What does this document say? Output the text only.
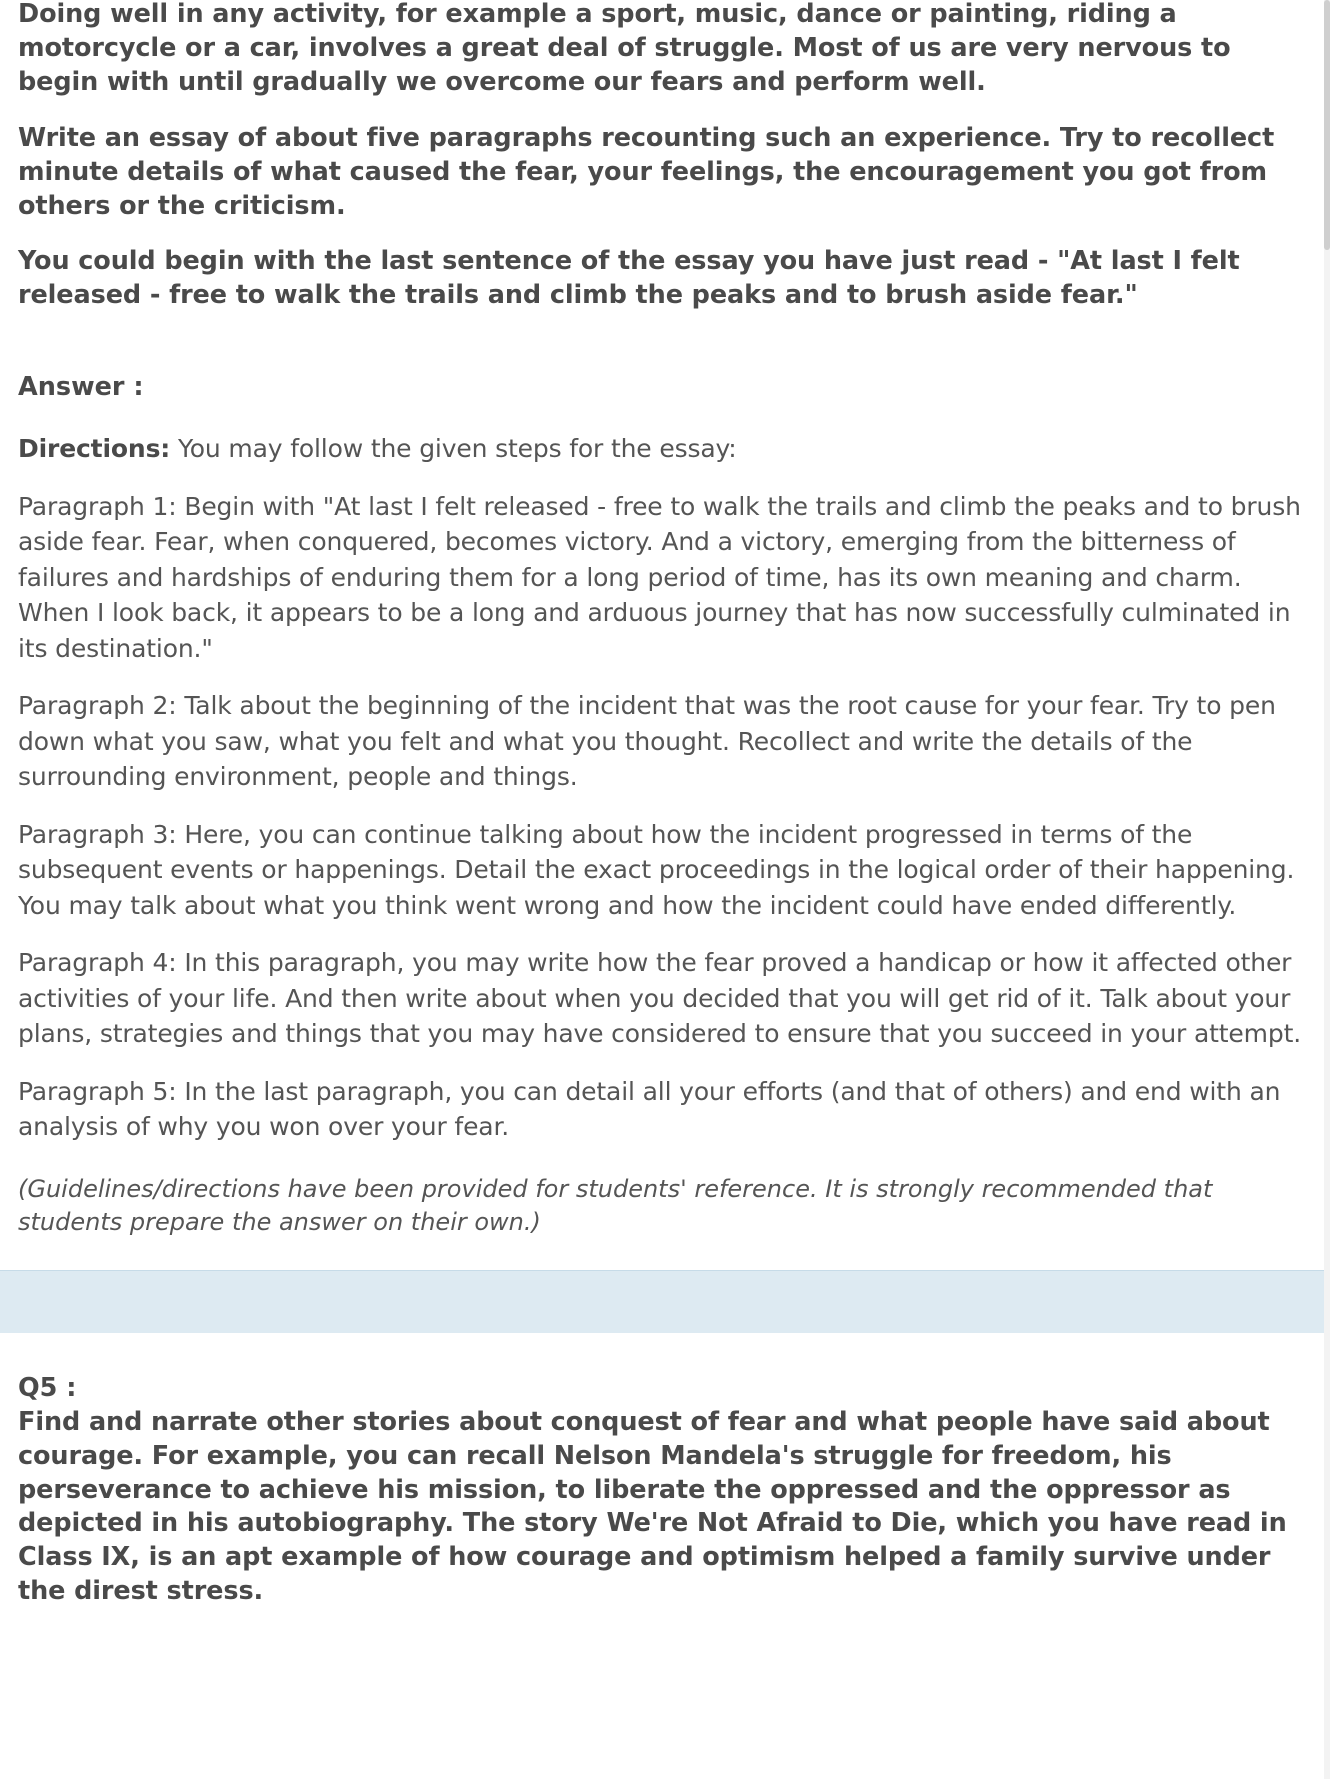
Doing well in any activity, for example a sport, music, dance or painting, riding a motorcycle or a car, involves a great deal of struggle. Most of us are very nervous to begin with until gradually we overcome our fears and perform well.

Write an essay of about five paragraphs recounting such an experience. Try to recollect minute details of what caused the fear, your feelings, the encouragement you got from others or the criticism.

You could begin with the last sentence of the essay you have just read - "At last I felt released - free to walk the trails and climb the peaks and to brush aside fear."

Answer :

Directions: You may follow the given steps for the essay:

Paragraph 1: Begin with "At last I felt released - free to walk the trails and climb the peaks and to brush aside fear. Fear, when conquered, becomes victory. And a victory, emerging from the bitterness of failures and hardships of enduring them for a long period of time, has its own meaning and charm. When I look back, it appears to be a long and arduous journey that has now successfully culminated in its destination."

Paragraph 2: Talk about the beginning of the incident that was the root cause for your fear. Try to pen down what you saw, what you felt and what you thought. Recollect and write the details of the surrounding environment, people and things.

Paragraph 3: Here, you can continue talking about how the incident progressed in terms of the subsequent events or happenings. Detail the exact proceedings in the logical order of their happening. You may talk about what you think went wrong and how the incident could have ended differently.

Paragraph 4: In this paragraph, you may write how the fear proved a handicap or how it affected other activities of your life. And then write about when you decided that you will get rid of it. Talk about your plans, strategies and things that you may have considered to ensure that you succeed in your attempt.

Paragraph 5: In the last paragraph, you can detail all your efforts (and that of others) and end with an analysis of why you won over your fear.

(Guidelines/directions have been provided for students' reference. It is strongly recommended that students prepare the answer on their own.)

Q5 :

Find and narrate other stories about conquest of fear and what people have said about courage. For example, you can recall Nelson Mandela's struggle for freedom, his perseverance to achieve his mission, to liberate the oppressed and the oppressor as depicted in his autobiography. The story We're Not Afraid to Die, which you have read in Class IX, is an apt example of how courage and optimism helped a family survive under the direst stress.
